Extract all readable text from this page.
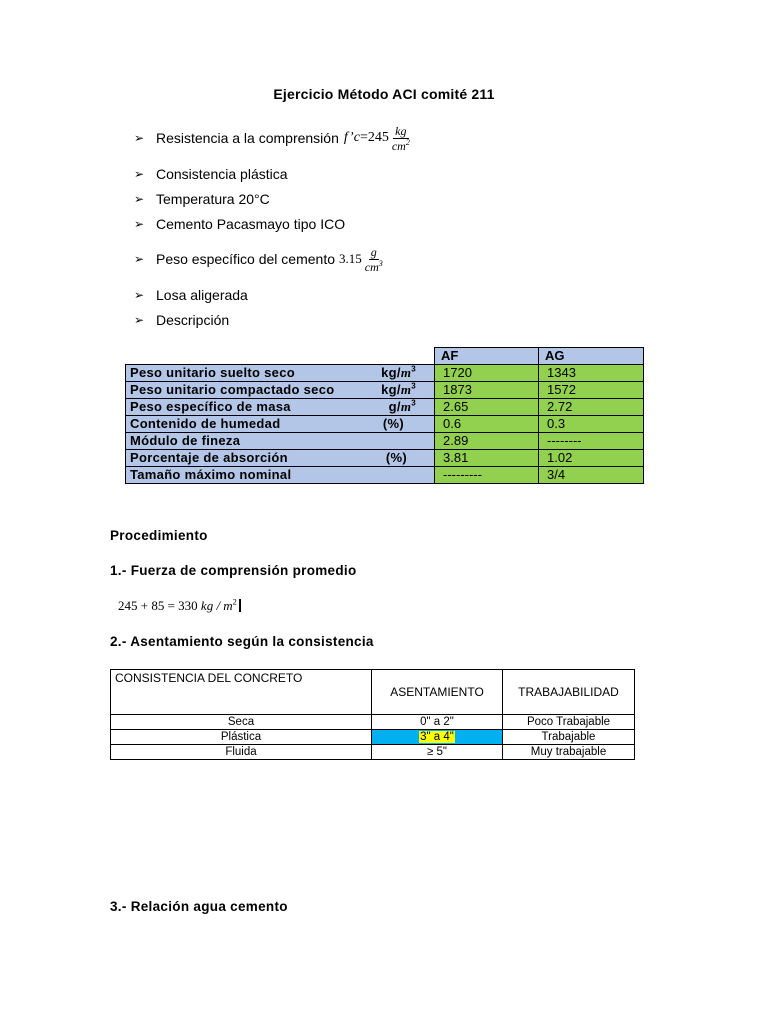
Ejercicio Método ACI comité 211
➢ Resistencia a la comprensión f’c=245 $\frac{kg}{cm^2}$
➢ Consistencia plástica
➢ Temperatura 20°C
➢ Cemento Pacasmayo tipo ICO
➢ Peso específico del cemento $3.15 \frac{g}{cm^3}$
➢ Losa aligerada
➢ Descripción
	AF	AG
Peso unitario suelto seco $kg/m^3$	1720	1343
Peso unitario compactado seco $kg/m^3$	1873	1572
Peso específico de masa $g/m^3$	2.65	2.72
Contenido de humedad (%)	0.6	0.3
Módulo de fineza	2.89	--------
Porcentaje de absorción (%)	3.81	1.02
Tamaño máximo nominal	---------	3/4
Procedimiento
1.- Fuerza de comprensión promedio
245 + 85 = 330 kg / $m^2$
2.- Asentamiento según la consistencia
CONSISTENCIA DEL CONCRETO	ASENTAMIENTO	TRABAJABILIDAD
Seca	0" a 2"	Poco Trabajable
Plástica	3" a 4"	Trabajable
Fluida	≥ 5"	Muy trabajable
3.- Relación agua cemento
